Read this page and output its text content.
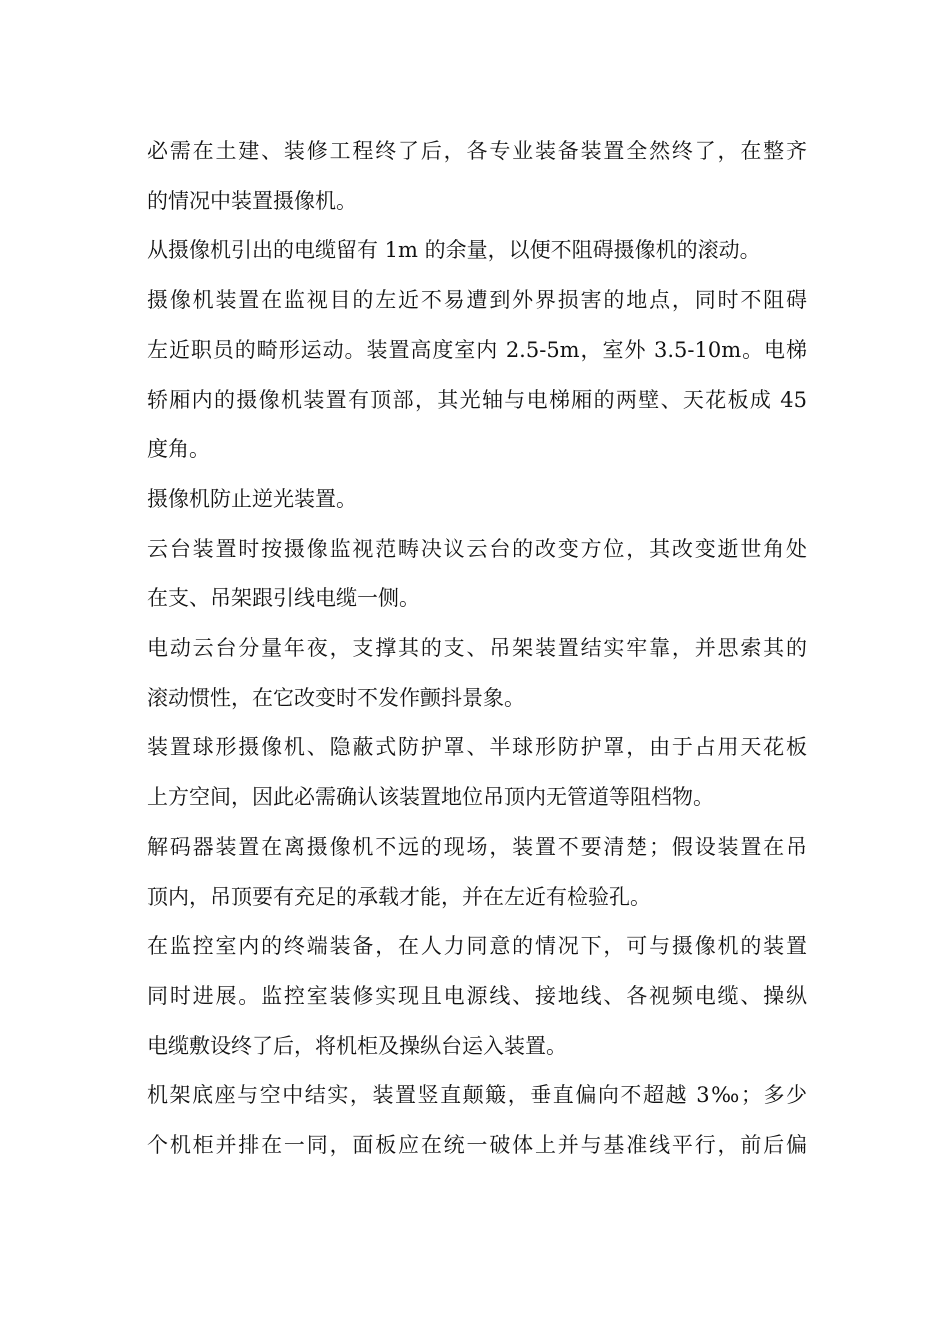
必需在土建、装修工程终了后，各专业装备装置全然终了，在整齐
的情况中装置摄像机。

从摄像机引出的电缆留有 1m 的余量，以便不阻碍摄像机的滚动。

摄像机装置在监视目的左近不易遭到外界损害的地点，同时不阻碍
左近职员的畸形运动。装置高度室内 2.5-5m，室外 3.5-10m。电梯
轿厢内的摄像机装置有顶部，其光轴与电梯厢的两壁、天花板成 45
度角。

摄像机防止逆光装置。

云台装置时按摄像监视范畴决议云台的改变方位，其改变逝世角处
在支、吊架跟引线电缆一侧。

电动云台分量年夜，支撑其的支、吊架装置结实牢靠，并思索其的
滚动惯性，在它改变时不发作颤抖景象。

装置球形摄像机、隐蔽式防护罩、半球形防护罩，由于占用天花板
上方空间，因此必需确认该装置地位吊顶内无管道等阻档物。

解码器装置在离摄像机不远的现场，装置不要清楚；假设装置在吊
顶内，吊顶要有充足的承载才能，并在左近有检验孔。

在监控室内的终端装备，在人力同意的情况下，可与摄像机的装置
同时进展。监控室装修实现且电源线、接地线、各视频电缆、操纵
电缆敷设终了后，将机柜及操纵台运入装置。

机架底座与空中结实，装置竖直颠簸，垂直偏向不超越 3‰；多少
个机柜并排在一同，面板应在统一破体上并与基准线平行，前后偏
